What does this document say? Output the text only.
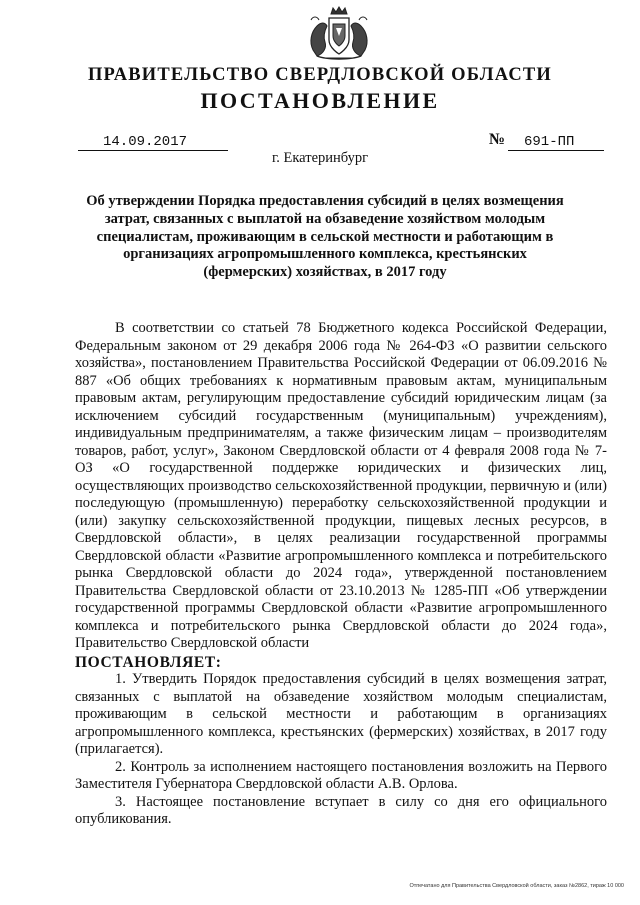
ПРАВИТЕЛЬСТВО СВЕРДЛОВСКОЙ ОБЛАСТИ
ПОСТАНОВЛЕНИЕ
14.09.2017	№	691-ПП
г. Екатеринбург
Об утверждении Порядка предоставления субсидий в целях возмещения затрат, связанных с выплатой на обзаведение хозяйством молодым специалистам, проживающим в сельской местности и работающим в организациях агропромышленного комплекса, крестьянских (фермерских) хозяйствах, в 2017 году

В соответствии со статьей 78 Бюджетного кодекса Российской Федерации, Федеральным законом от 29 декабря 2006 года № 264-ФЗ «О развитии сельского хозяйства», постановлением Правительства Российской Федерации от 06.09.2016 № 887 «Об общих требованиях к нормативным правовым актам, муниципальным правовым актам, регулирующим предоставление субсидий юридическим лицам (за исключением субсидий государственным (муниципальным) учреждениям), индивидуальным предпринимателям, а также физическим лицам – производителям товаров, работ, услуг», Законом Свердловской области от 4 февраля 2008 года № 7-ОЗ «О государственной поддержке юридических и физических лиц, осуществляющих производство сельскохозяйственной продукции, первичную и (или) последующую (промышленную) переработку сельскохозяйственной продукции и (или) закупку сельскохозяйственной продукции, пищевых лесных ресурсов, в Свердловской области», в целях реализации государственной программы Свердловской области «Развитие агропромышленного комплекса и потребительского рынка Свердловской области до 2024 года», утвержденной постановлением Правительства Свердловской области от 23.10.2013 № 1285-ПП «Об утверждении государственной программы Свердловской области «Развитие агропромышленного комплекса и потребительского рынка Свердловской области до 2024 года», Правительство Свердловской области

ПОСТАНОВЛЯЕТ:

1. Утвердить Порядок предоставления субсидий в целях возмещения затрат, связанных с выплатой на обзаведение хозяйством молодым специалистам, проживающим в сельской местности и работающим в организациях агропромышленного комплекса, крестьянских (фермерских) хозяйствах, в 2017 году (прилагается).

2. Контроль за исполнением настоящего постановления возложить на Первого Заместителя Губернатора Свердловской области А.В. Орлова.

3. Настоящее постановление вступает в силу со дня его официального опубликования.

Отпечатано для Правительства Свердловской области, заказ №2862, тираж 10 000
